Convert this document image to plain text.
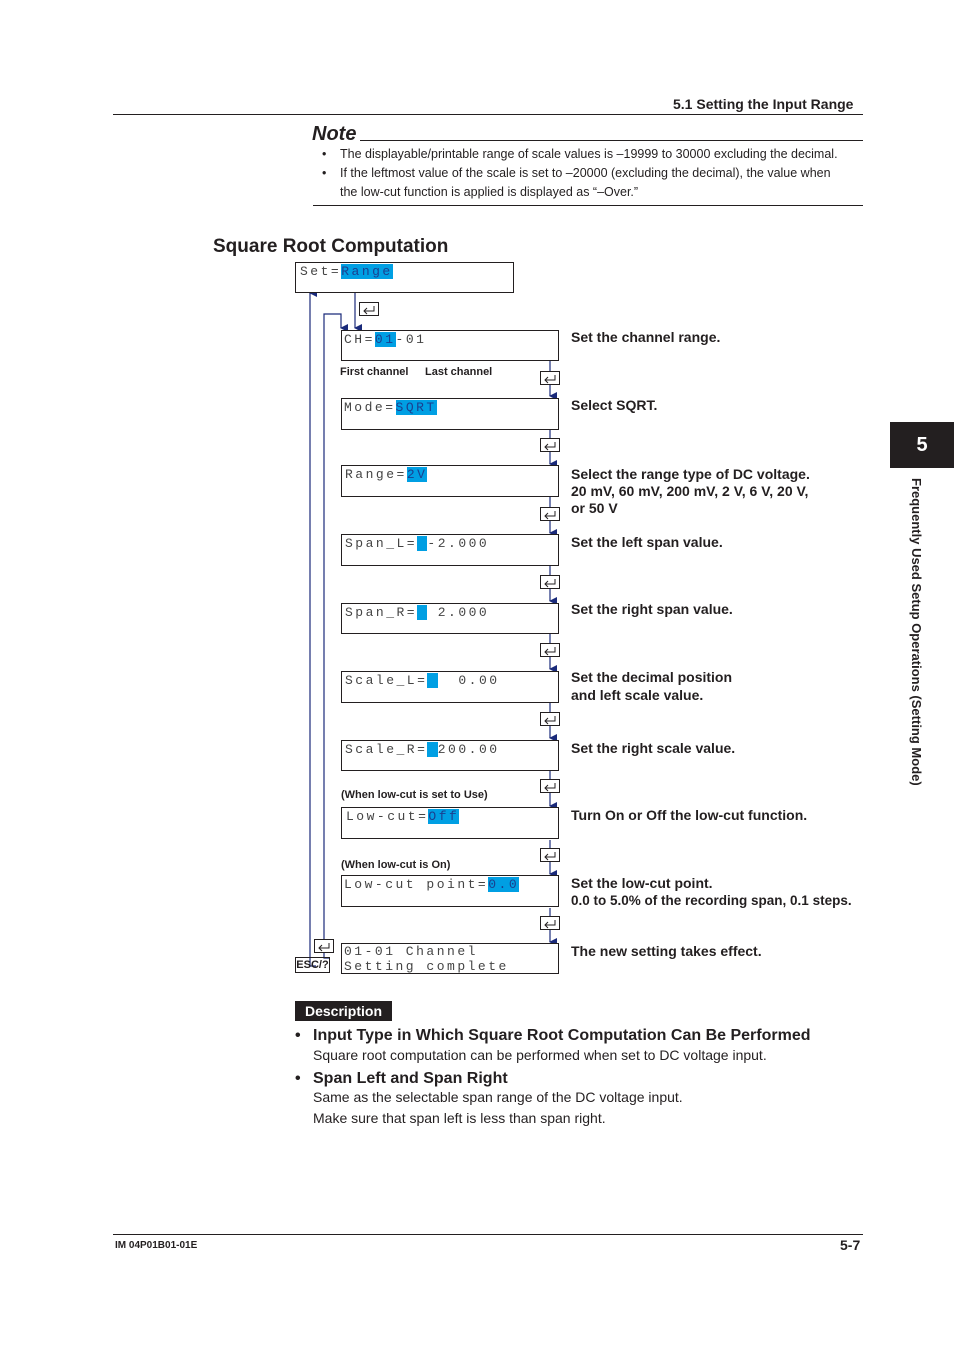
5.1 Setting the Input Range
Note
• The displayable/printable range of scale values is –19999 to 30000 excluding the decimal.
• If the leftmost value of the scale is set to –20000 (excluding the decimal), the value when
the low-cut function is applied is displayed as “–Over.”
Square Root Computation
ESC/?
Set=Range
CH=01-01
First channel Last channel
Set the channel range.
Mode=SQRT	Select SQRT.
Range=2V	Select the range type of DC voltage.
20 mV, 60 mV, 200 mV, 2 V, 6 V, 20 V,
or 50 V
Span_L= -2.000	Set the left span value.
Span_R=  2.000	Set the right span value.
Scale_L=   0.00	Set the decimal position
and left scale value.
Scale_R= 200.00	Set the right scale value.
(When low-cut is set to Use)
Low-cut=Off	Turn On or Off the low-cut function.
(When low-cut is On)
Low-cut point=0.0	Set the low-cut point.
0.0 to 5.0% of the recording span, 0.1 steps.
01-01 Channel
Setting complete
The new setting takes effect.
Description
• Input Type in Which Square Root Computation Can Be Performed
Square root computation can be performed when set to DC voltage input.
• Span Left and Span Right
Same as the selectable span range of the DC voltage input.
Make sure that span left is less than span right.
5
Frequently Used Setup Operations (Setting Mode)
IM 04P01B01-01E	5-7
